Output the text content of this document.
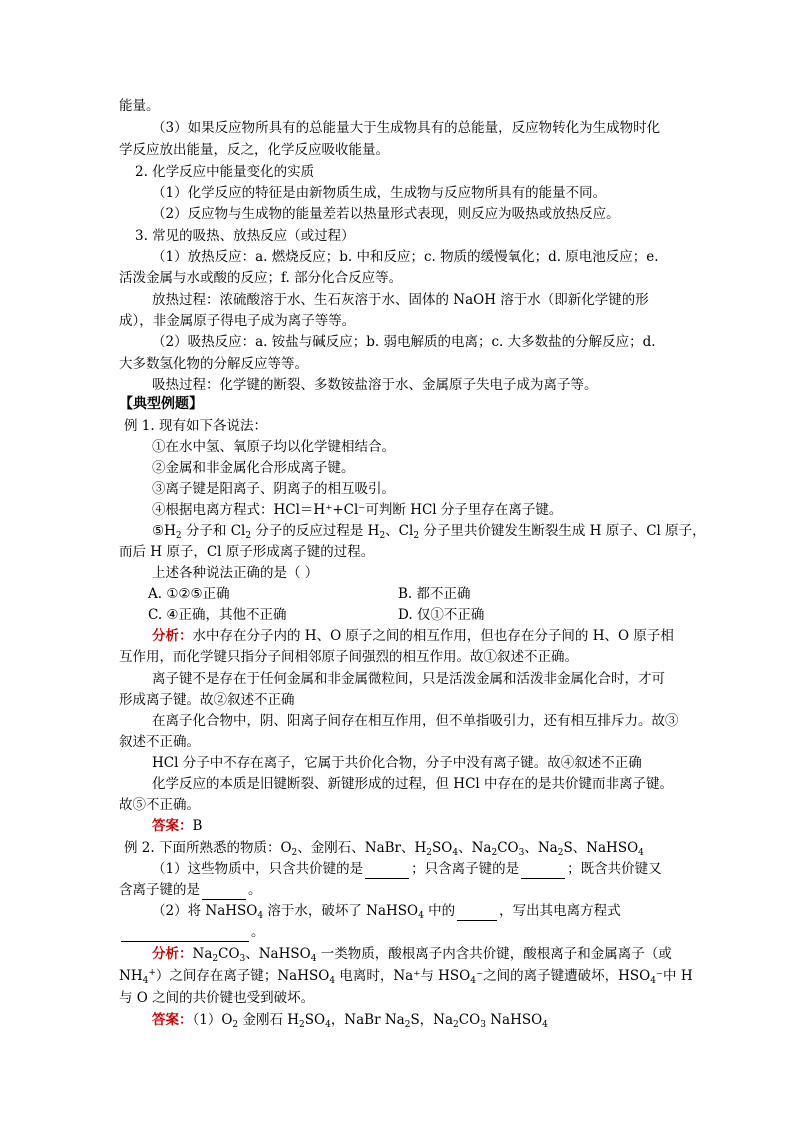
能量。
（3）如果反应物所具有的总能量大于生成物具有的总能量，反应物转化为生成物时化
学反应放出能量，反之，化学反应吸收能量。
2. 化学反应中能量变化的实质
（1）化学反应的特征是由新物质生成，生成物与反应物所具有的能量不同。
（2）反应物与生成物的能量差若以热量形式表现，则反应为吸热或放热反应。
3. 常见的吸热、放热反应（或过程）
（1）放热反应：a. 燃烧反应；b. 中和反应；c. 物质的缓慢氧化；d. 原电池反应；e.
活泼金属与水或酸的反应；f. 部分化合反应等。
放热过程：浓硫酸溶于水、生石灰溶于水、固体的 NaOH 溶于水（即新化学键的形
成），非金属原子得电子成为离子等等。
（2）吸热反应：a. 铵盐与碱反应；b. 弱电解质的电离；c. 大多数盐的分解反应；d.
大多数氢化物的分解反应等等。
吸热过程：化学键的断裂、多数铵盐溶于水、金属原子失电子成为离子等。
【典型例题】
例 1. 现有如下各说法：
①在水中氢、氧原子均以化学键相结合。
②金属和非金属化合形成离子键。
③离子键是阳离子、阴离子的相互吸引。
④根据电离方程式：HCl＝H⁺+Cl⁻可判断 HCl 分子里存在离子键。
$⑤H_2$ 分子和 $Cl_2$ 分子的反应过程是 $H_2$、$Cl_2$ 分子里共价键发生断裂生成 H 原子、Cl 原子，
而后 H 原子，Cl 原子形成离子键的过程。
上述各种说法正确的是（ ）
A. ①②⑤正确	B. 都不正确
C. ④正确，其他不正确	D. 仅①不正确
分析：水中存在分子内的 H、O 原子之间的相互作用，但也存在分子间的 H、O 原子相
互作用，而化学键只指分子间相邻原子间强烈的相互作用。故①叙述不正确。
离子键不是存在于任何金属和非金属微粒间，只是活泼金属和活泼非金属化合时，才可
形成离子键。故②叙述不正确
在离子化合物中，阴、阳离子间存在相互作用，但不单指吸引力，还有相互排斥力。故③
叙述不正确。
HCl 分子中不存在离子，它属于共价化合物，分子中没有离子键。故④叙述不正确
化学反应的本质是旧键断裂、新键形成的过程，但 HCl 中存在的是共价键而非离子键。
故⑤不正确。
答案：B
例 2. 下面所熟悉的物质：$O_2$、金刚石、NaBr、$H_2SO_4$、$Na_2CO_3$、$Na_2S$、NaHSO$_4$
（1）这些物质中，只含共价键的是	；只含离子键的是	；既含共价键又
含离子键的是	。
（2）将 NaHSO$_4$ 溶于水，破坏了 NaHSO$_4$ 中的	，写出其电离方程式
。
分析：$Na_2CO_3$、NaHSO$_4$ 一类物质，酸根离子内含共价键，酸根离子和金属离子（或
$NH_4^+$）之间存在离子键；NaHSO$_4$ 电离时，Na⁺与 $HSO_4^-$之间的离子键遭破坏，$HSO_4^-$中 H
与 O 之间的共价键也受到破坏。
答案：$(1)O_2$ 金刚石 $H_2SO_4$，NaBr $Na_2S$，$Na_2CO_3$ NaHSO$_4$
